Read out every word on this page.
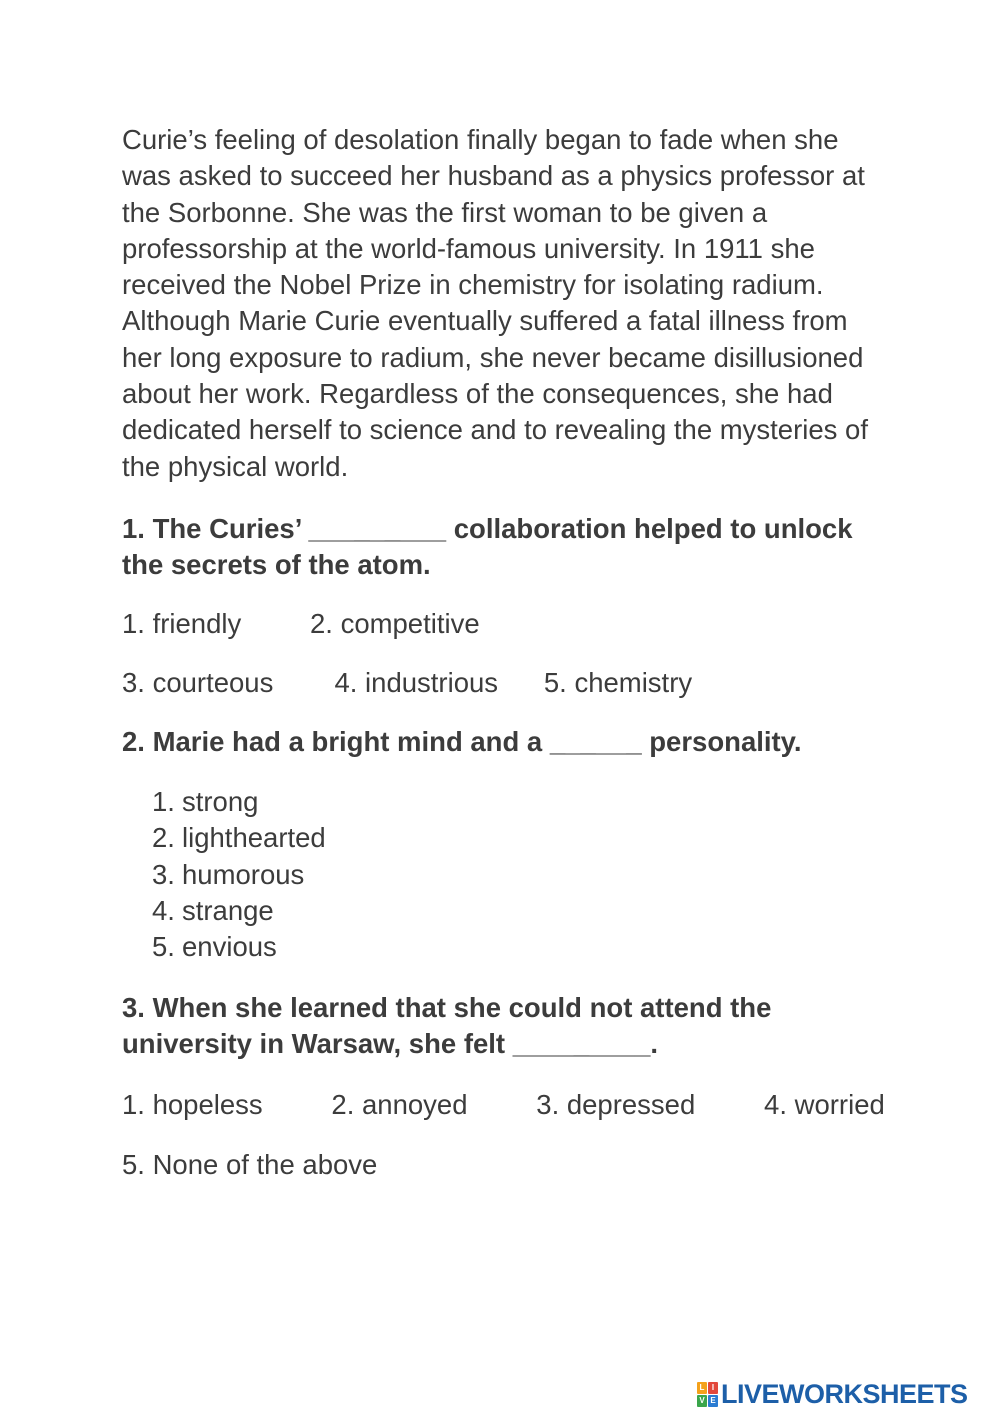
Curie’s feeling of desolation finally began to fade when she was asked to succeed her husband as a physics professor at the Sorbonne. She was the first woman to be given a professorship at the world-famous university. In 1911 she received the Nobel Prize in chemistry for isolating radium. Although Marie Curie eventually suffered a fatal illness from her long exposure to radium, she never became disillusioned about her work. Regardless of the consequences, she had dedicated herself to science and to revealing the mysteries of the physical world.

1. The Curies’ _________ collaboration helped to unlock the secrets of the atom.

1. friendly         2. competitive

3. courteous        4. industrious      5. chemistry

2. Marie had a bright mind and a ______ personality.

1. strong
2. lighthearted
3. humorous
4. strange
5. envious

3. When she learned that she could not attend the university in Warsaw, she felt _________.

1. hopeless         2. annoyed         3. depressed         4. worried

5. None of the above

L I
V E LIVEWORKSHEETS
